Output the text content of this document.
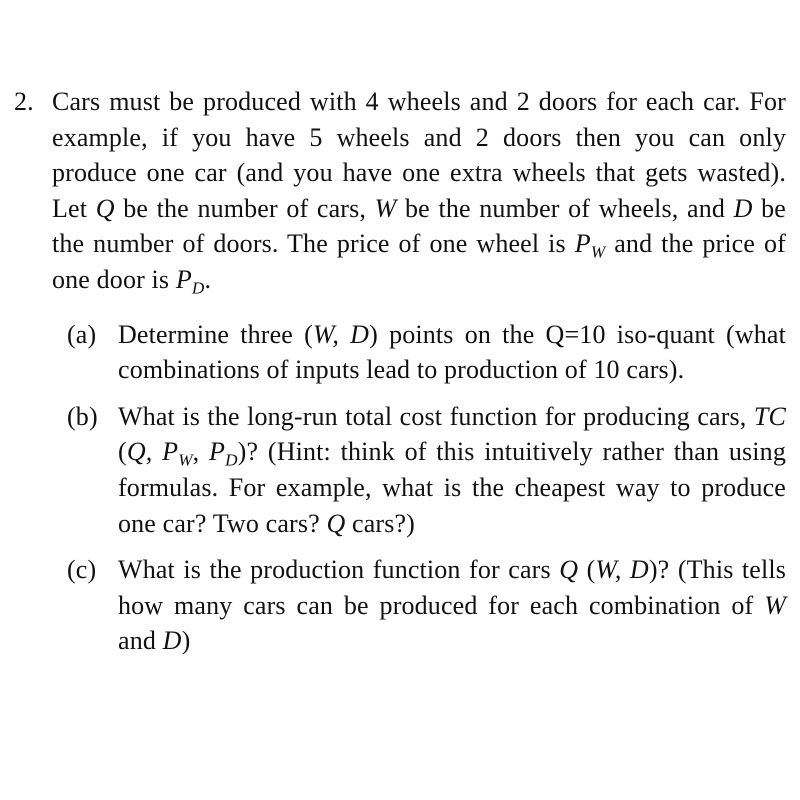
2. Cars must be produced with 4 wheels and 2 doors for each car. For example, if you have 5 wheels and 2 doors then you can only produce one car (and you have one extra wheels that gets wasted). Let Q be the number of cars, W be the number of wheels, and D be the number of doors. The price of one wheel is $P_W$ and the price of one door is $P_D$.

(a) Determine three (W, D) points on the Q=10 iso-quant (what combinations of inputs lead to production of 10 cars).
(b) What is the long-run total cost function for producing cars, TC (Q, $P_W$, $P_D$)? (Hint: think of this intuitively rather than using formulas. For example, what is the cheapest way to produce one car? Two cars? Q cars?)
(c) What is the production function for cars Q (W, D)? (This tells how many cars can be produced for each combination of W and D)
